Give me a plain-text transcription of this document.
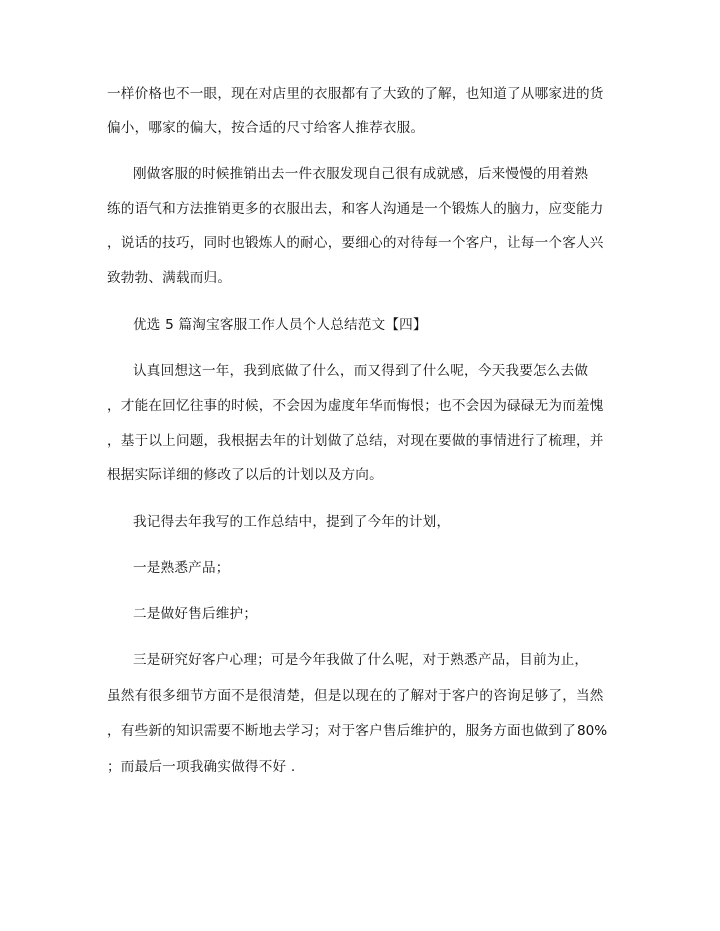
一样价格也不一眼，现在对店里的衣服都有了大致的了解，也知道了从哪家进的货
偏小，哪家的偏大，按合适的尺寸给客人推荐衣服。
刚做客服的时候推销出去一件衣服发现自己很有成就感，后来慢慢的用着熟
练的语气和方法推销更多的衣服出去，和客人沟通是一个锻炼人的脑力，应变能力
，说话的技巧，同时也锻炼人的耐心，要细心的对待每一个客户，让每一个客人兴
致勃勃、满载而归。
优选 5 篇淘宝客服工作人员个人总结范文【四】
认真回想这一年，我到底做了什么，而又得到了什么呢，今天我要怎么去做
，才能在回忆往事的时候，不会因为虚度年华而悔恨；也不会因为碌碌无为而羞愧
，基于以上问题，我根据去年的计划做了总结，对现在要做的事情进行了梳理，并
根据实际详细的修改了以后的计划以及方向。
我记得去年我写的工作总结中，提到了今年的计划，
一是熟悉产品；
二是做好售后维护；
三是研究好客户心理；可是今年我做了什么呢，对于熟悉产品，目前为止，
虽然有很多细节方面不是很清楚，但是以现在的了解对于客户的咨询足够了，当然
，有些新的知识需要不断地去学习；对于客户售后维护的，服务方面也做到了 80%
；而最后一项我确实做得不好 .
